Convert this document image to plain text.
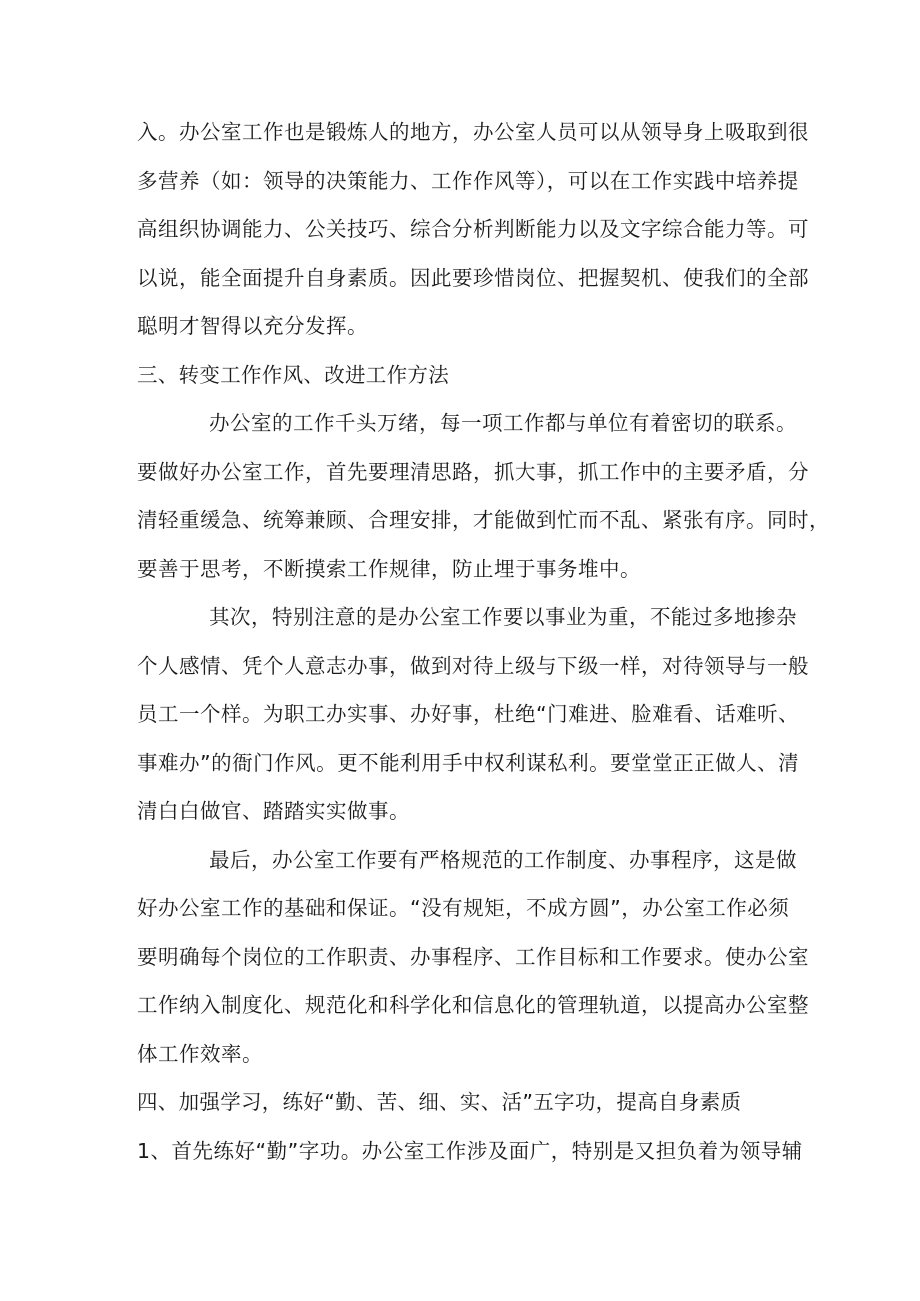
入。办公室工作也是锻炼人的地方，办公室人员可以从领导身上吸取到很
多营养（如：领导的决策能力、工作作风等），可以在工作实践中培养提
高组织协调能力、公关技巧、综合分析判断能力以及文字综合能力等。可
以说，能全面提升自身素质。因此要珍惜岗位、把握契机、使我们的全部
聪明才智得以充分发挥。
三、转变工作作风、改进工作方法
办公室的工作千头万绪，每一项工作都与单位有着密切的联系。
要做好办公室工作，首先要理清思路，抓大事，抓工作中的主要矛盾，分
清轻重缓急、统筹兼顾、合理安排，才能做到忙而不乱、紧张有序。同时，
要善于思考，不断摸索工作规律，防止埋于事务堆中。
其次，特别注意的是办公室工作要以事业为重，不能过多地掺杂
个人感情、凭个人意志办事，做到对待上级与下级一样，对待领导与一般
员工一个样。为职工办实事、办好事，杜绝“门难进、脸难看、话难听、
事难办”的衙门作风。更不能利用手中权利谋私利。要堂堂正正做人、清
清白白做官、踏踏实实做事。
最后，办公室工作要有严格规范的工作制度、办事程序，这是做
好办公室工作的基础和保证。“没有规矩，不成方圆”，办公室工作必须
要明确每个岗位的工作职责、办事程序、工作目标和工作要求。使办公室
工作纳入制度化、规范化和科学化和信息化的管理轨道，以提高办公室整
体工作效率。
四、加强学习，练好“勤、苦、细、实、活”五字功，提高自身素质
1、首先练好“勤”字功。办公室工作涉及面广，特别是又担负着为领导辅
